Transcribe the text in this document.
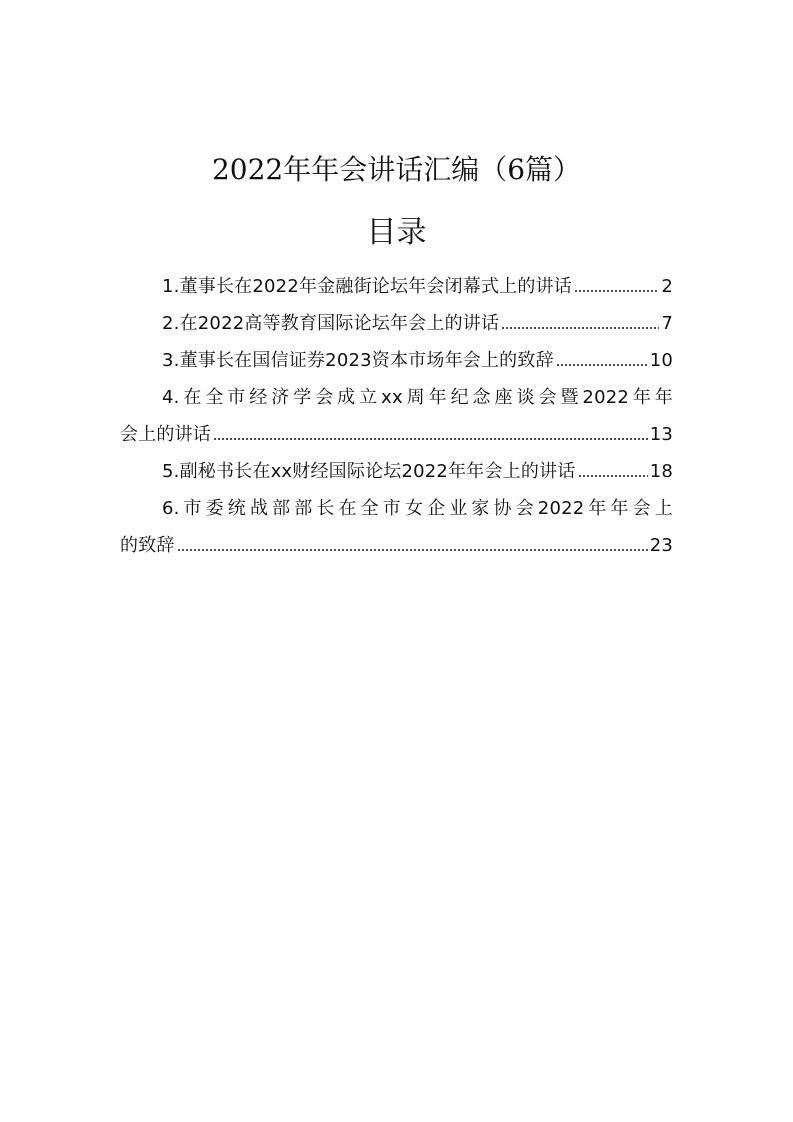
2022年年会讲话汇编（6篇）
目录
1.董事长在2022年金融街论坛年会闭幕式上的讲话	2
2.在2022高等教育国际论坛年会上的讲话	7
3.董事长在国信证券2023资本市场年会上的致辞	10
4.在全市经济学会成立xx周年纪念座谈会暨2022年年
会上的讲话	13
5.副秘书长在xx财经国际论坛2022年年会上的讲话	18
6.市委统战部部长在全市女企业家协会2022年年会上
的致辞	23
